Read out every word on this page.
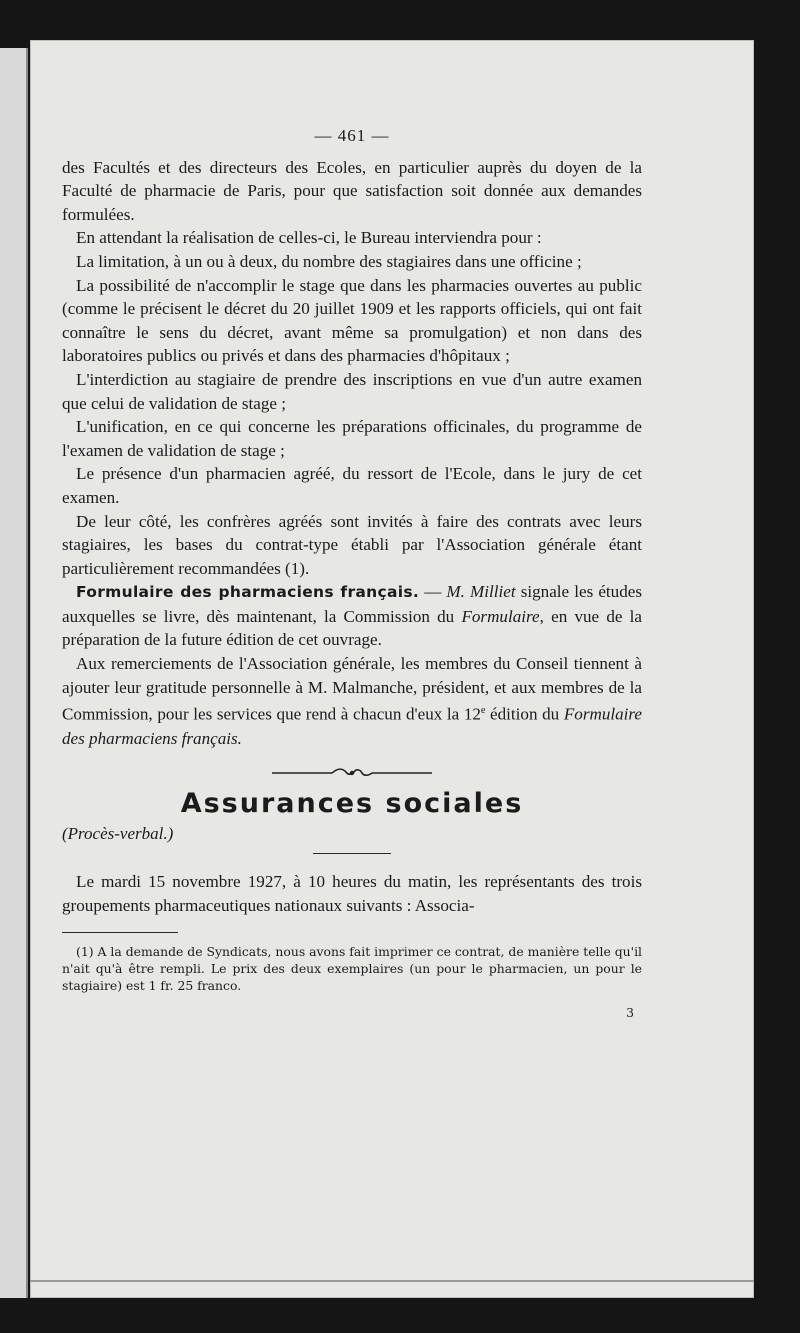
— 461 —

des Facultés et des directeurs des Ecoles, en particulier auprès du doyen de la Faculté de pharmacie de Paris, pour que satisfaction soit donnée aux demandes formulées.

En attendant la réalisation de celles-ci, le Bureau interviendra pour :

La limitation, à un ou à deux, du nombre des stagiaires dans une officine ;

La possibilité de n'accomplir le stage que dans les pharmacies ouvertes au public (comme le précisent le décret du 20 juillet 1909 et les rapports officiels, qui ont fait connaître le sens du décret, avant même sa promulgation) et non dans des laboratoires publics ou privés et dans des pharmacies d'hôpitaux ;

L'interdiction au stagiaire de prendre des inscriptions en vue d'un autre examen que celui de validation de stage ;

L'unification, en ce qui concerne les préparations officinales, du programme de l'examen de validation de stage ;

Le présence d'un pharmacien agréé, du ressort de l'Ecole, dans le jury de cet examen.

De leur côté, les confrères agréés sont invités à faire des contrats avec leurs stagiaires, les bases du contrat-type établi par l'Association générale étant particulièrement recommandées (1).

Formulaire des pharmaciens français. — M. Milliet signale les études auxquelles se livre, dès maintenant, la Commission du Formulaire, en vue de la préparation de la future édition de cet ouvrage.

Aux remerciements de l'Association générale, les membres du Conseil tiennent à ajouter leur gratitude personnelle à M. Malmanche, président, et aux membres de la Commission, pour les services que rend à chacun d'eux la 12e édition du Formulaire des pharmaciens français.

Assurances sociales

(Procès-verbal.)

Le mardi 15 novembre 1927, à 10 heures du matin, les représentants des trois groupements pharmaceutiques nationaux suivants : Associa-

(1) A la demande de Syndicats, nous avons fait imprimer ce contrat, de manière telle qu'il n'ait qu'à être rempli. Le prix des deux exemplaires (un pour le pharmacien, un pour le stagiaire) est 1 fr. 25 franco.

3
